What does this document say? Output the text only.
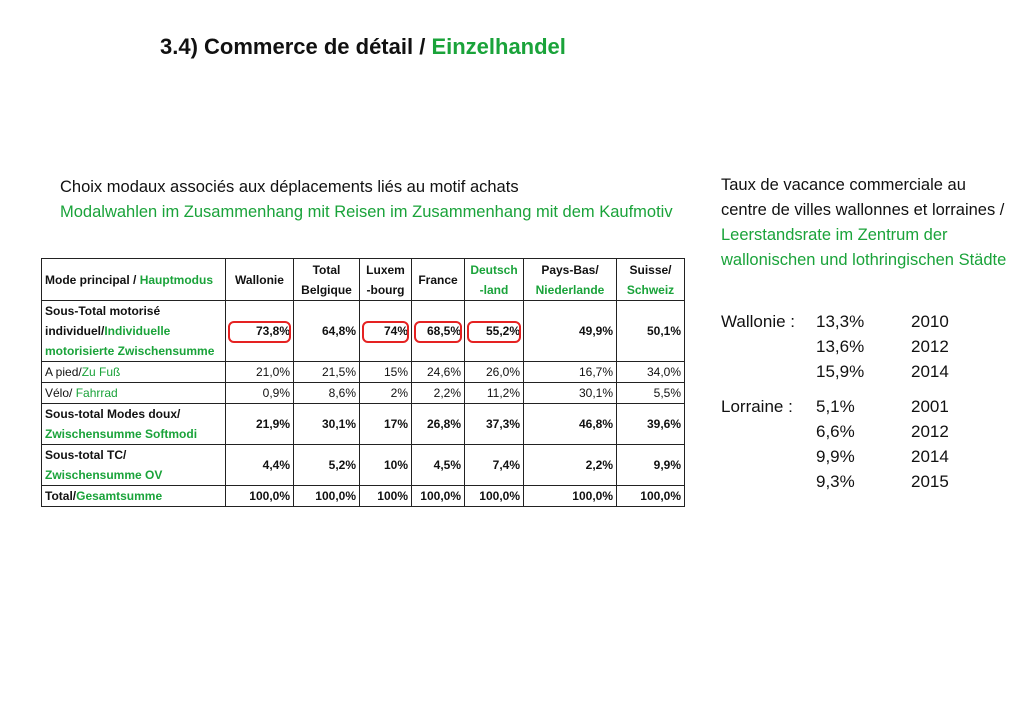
3.4) Commerce de détail / Einzelhandel
Choix modaux associés aux déplacements liés au motif achats
Modalwahlen im Zusammenhang mit Reisen im Zusammenhang mit dem Kaufmotiv
Mode principal / Hauptmodus	Wallonie	Total Belgique	Luxem -bourg	France	Deutsch -land	Pays-Bas/ Niederlande	Suisse/ Schweiz
Sous-Total motorisé individuel/Individuelle motorisierte Zwischensumme	73,8%	64,8%	74%	68,5%	55,2%	49,9%	50,1%
A pied/Zu Fuß	21,0%	21,5%	15%	24,6%	26,0%	16,7%	34,0%
Vélo/ Fahrrad	0,9%	8,6%	2%	2,2%	11,2%	30,1%	5,5%
Sous-total Modes doux/ Zwischensumme Softmodi	21,9%	30,1%	17%	26,8%	37,3%	46,8%	39,6%
Sous-total TC/ Zwischensumme OV	4,4%	5,2%	10%	4,5%	7,4%	2,2%	9,9%
Total/Gesamtsumme	100,0%	100,0%	100%	100,0%	100,0%	100,0%	100,0%
Taux de vacance commerciale au centre de villes wallonnes et lorraines / Leerstandsrate im Zentrum der wallonischen und lothringischen Städte
Wallonie :	13,3%	2010
13,6%	2012
15,9%	2014
Lorraine :	5,1%	2001
6,6%	2012
9,9%	2014
9,3%	2015
